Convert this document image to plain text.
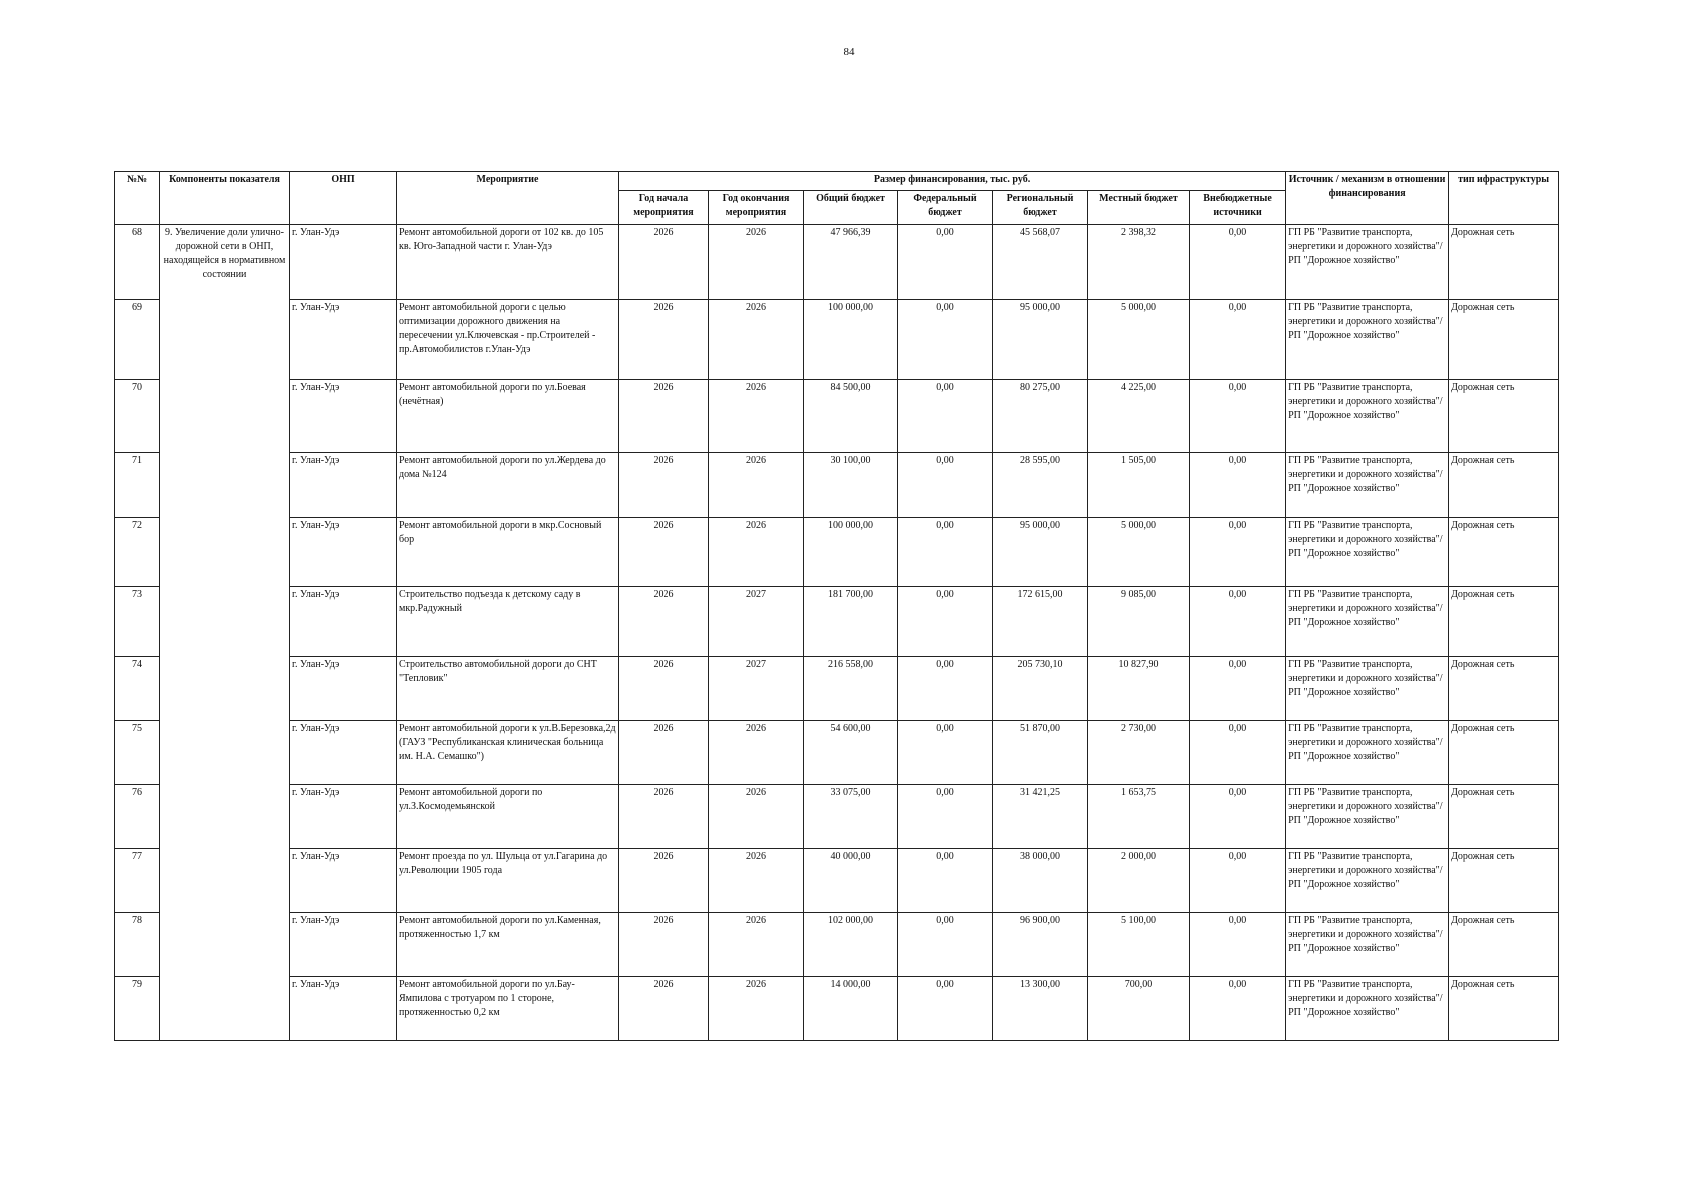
84
№№	Компоненты показателя	ОНП	Мероприятие	Размер финансирования, тыс. руб.							Источник / механизм в отношении финансирования	тип ифраструктуры
				Год начала мероприятия	Год окончания мероприятия	Общий бюджет	Федеральный бюджет	Региональный бюджет	Местный бюджет	Внебюджетные источники		
68	9. Увеличение доли улично-дорожной сети в ОНП, находящейся в нормативном состоянии	г. Улан-Удэ	Ремонт автомобильной дороги от 102 кв. до 105 кв. Юго-Западной части г. Улан-Удэ	2026	2026	47 966,39	0,00	45 568,07	2 398,32	0,00	ГП РБ "Развитие транспорта, энергетики и дорожного хозяйства"/РП "Дорожное хозяйство"	Дорожная сеть
69		г. Улан-Удэ	Ремонт автомобильной дороги с целью оптимизации дорожного движения на пересечении ул.Ключевская - пр.Строителей - пр.Автомобилистов г.Улан-Удэ	2026	2026	100 000,00	0,00	95 000,00	5 000,00	0,00	ГП РБ "Развитие транспорта, энергетики и дорожного хозяйства"/РП "Дорожное хозяйство"	Дорожная сеть
70		г. Улан-Удэ	Ремонт автомобильной дороги по ул.Боевая (нечётная)	2026	2026	84 500,00	0,00	80 275,00	4 225,00	0,00	ГП РБ "Развитие транспорта, энергетики и дорожного хозяйства"/РП "Дорожное хозяйство"	Дорожная сеть
71		г. Улан-Удэ	Ремонт автомобильной дороги по ул.Жердева до дома №124	2026	2026	30 100,00	0,00	28 595,00	1 505,00	0,00	ГП РБ "Развитие транспорта, энергетики и дорожного хозяйства"/РП "Дорожное хозяйство"	Дорожная сеть
72		г. Улан-Удэ	Ремонт автомобильной дороги в мкр.Сосновый бор	2026	2026	100 000,00	0,00	95 000,00	5 000,00	0,00	ГП РБ "Развитие транспорта, энергетики и дорожного хозяйства"/РП "Дорожное хозяйство"	Дорожная сеть
73		г. Улан-Удэ	Строительство подъезда к детскому саду в мкр.Радужный	2026	2027	181 700,00	0,00	172 615,00	9 085,00	0,00	ГП РБ "Развитие транспорта, энергетики и дорожного хозяйства"/РП "Дорожное хозяйство"	Дорожная сеть
74		г. Улан-Удэ	Строительство автомобильной дороги до СНТ "Тепловик"	2026	2027	216 558,00	0,00	205 730,10	10 827,90	0,00	ГП РБ "Развитие транспорта, энергетики и дорожного хозяйства"/РП "Дорожное хозяйство"	Дорожная сеть
75		г. Улан-Удэ	Ремонт автомобильной дороги к ул.В.Березовка,2д (ГАУЗ "Республиканская клиническая больница им. Н.А. Семашко")	2026	2026	54 600,00	0,00	51 870,00	2 730,00	0,00	ГП РБ "Развитие транспорта, энергетики и дорожного хозяйства"/РП "Дорожное хозяйство"	Дорожная сеть
76		г. Улан-Удэ	Ремонт автомобильной дороги по ул.З.Космодемьянской	2026	2026	33 075,00	0,00	31 421,25	1 653,75	0,00	ГП РБ "Развитие транспорта, энергетики и дорожного хозяйства"/РП "Дорожное хозяйство"	Дорожная сеть
77		г. Улан-Удэ	Ремонт проезда по ул. Шульца от ул.Гагарина до ул.Революции 1905 года	2026	2026	40 000,00	0,00	38 000,00	2 000,00	0,00	ГП РБ "Развитие транспорта, энергетики и дорожного хозяйства"/РП "Дорожное хозяйство"	Дорожная сеть
78		г. Улан-Удэ	Ремонт автомобильной дороги по ул.Каменная, протяженностью 1,7 км	2026	2026	102 000,00	0,00	96 900,00	5 100,00	0,00	ГП РБ "Развитие транспорта, энергетики и дорожного хозяйства"/РП "Дорожное хозяйство"	Дорожная сеть
79		г. Улан-Удэ	Ремонт автомобильной дороги по ул.Бау-Ямпилова с тротуаром по 1 стороне, протяженностью 0,2 км	2026	2026	14 000,00	0,00	13 300,00	700,00	0,00	ГП РБ "Развитие транспорта, энергетики и дорожного хозяйства"/РП "Дорожное хозяйство"	Дорожная сеть
